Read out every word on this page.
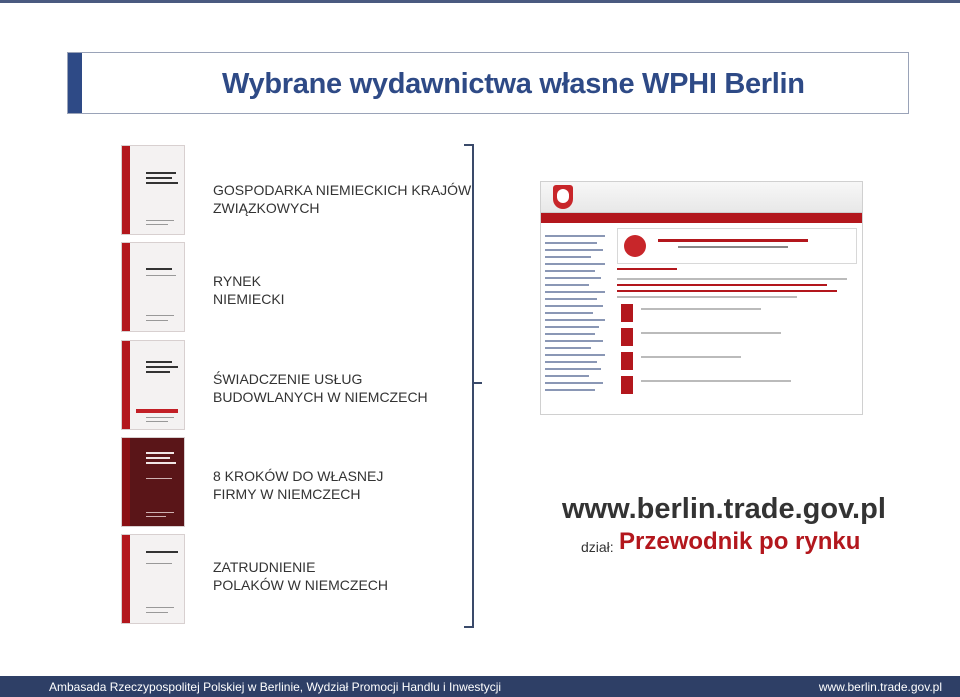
Wybrane wydawnictwa własne WPHI Berlin
GOSPODARKA NIEMIECKICH KRAJÓW
ZWIĄZKOWYCH
RYNEK
NIEMIECKI
ŚWIADCZENIE USŁUG
BUDOWLANYCH W NIEMCZECH
8 KROKÓW DO WŁASNEJ
FIRMY W NIEMCZECH
ZATRUDNIENIE
POLAKÓW W NIEMCZECH
www.berlin.trade.gov.pl
dział: Przewodnik po rynku
Ambasada Rzeczypospolitej Polskiej w Berlinie, Wydział Promocji Handlu i Inwestycji	www.berlin.trade.gov.pl
